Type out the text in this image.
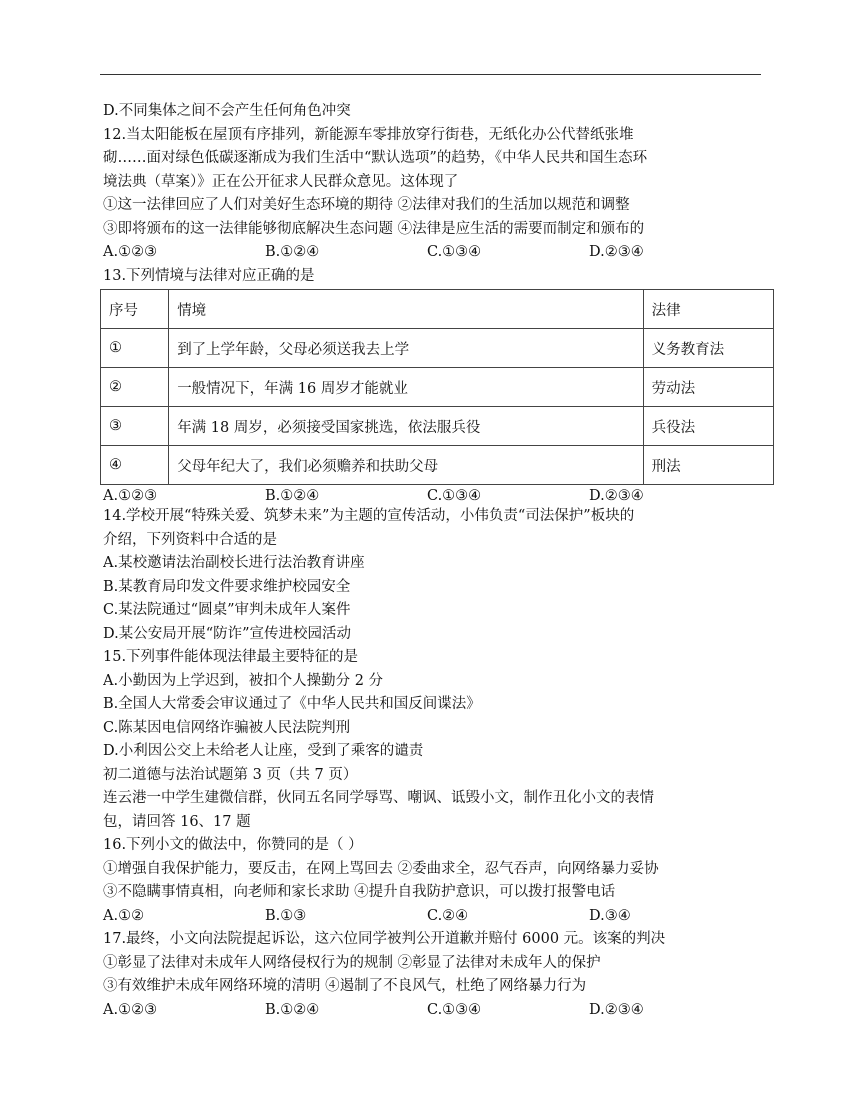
D.不同集体之间不会产生任何角色冲突
12.当太阳能板在屋顶有序排列，新能源车零排放穿行街巷，无纸化办公代替纸张堆
砌……面对绿色低碳逐渐成为我们生活中“默认选项”的趋势，《中华人民共和国生态环
境法典（草案）》正在公开征求人民群众意见。这体现了
①这一法律回应了人们对美好生态环境的期待 ②法律对我们的生活加以规范和调整
③即将颁布的这一法律能够彻底解决生态问题 ④法律是应生活的需要而制定和颁布的
A.①②③	B.①②④	C.①③④	D.②③④
13.下列情境与法律对应正确的是
序号	情境	法律
①	到了上学年龄，父母必须送我去上学	义务教育法
②	一般情况下，年满 16 周岁才能就业	劳动法
③	年满 18 周岁，必须接受国家挑选，依法服兵役	兵役法
④	父母年纪大了，我们必须赡养和扶助父母	刑法
A.①②③	B.①②④	C.①③④	D.②③④
14.学校开展“特殊关爱、筑梦未来”为主题的宣传活动，小伟负责“司法保护”板块的
介绍，下列资料中合适的是
A.某校邀请法治副校长进行法治教育讲座
B.某教育局印发文件要求维护校园安全
C.某法院通过“圆桌”审判未成年人案件
D.某公安局开展“防诈”宣传进校园活动
15.下列事件能体现法律最主要特征的是
A.小勤因为上学迟到，被扣个人操勤分 2 分
B.全国人大常委会审议通过了《中华人民共和国反间谍法》
C.陈某因电信网络诈骗被人民法院判刑
D.小利因公交上未给老人让座，受到了乘客的谴责
初二道德与法治试题第 3 页（共 7 页）
连云港一中学生建微信群，伙同五名同学辱骂、嘲讽、诋毁小文，制作丑化小文的表情
包，请回答 16、17 题
16.下列小文的做法中，你赞同的是（ ）
①增强自我保护能力，要反击，在网上骂回去 ②委曲求全，忍气吞声，向网络暴力妥协
③不隐瞒事情真相，向老师和家长求助 ④提升自我防护意识，可以拨打报警电话
A.①②	B.①③	C.②④	D.③④
17.最终，小文向法院提起诉讼，这六位同学被判公开道歉并赔付 6000 元。该案的判决
①彰显了法律对未成年人网络侵权行为的规制 ②彰显了法律对未成年人的保护
③有效维护未成年网络环境的清明 ④遏制了不良风气，杜绝了网络暴力行为
A.①②③	B.①②④	C.①③④	D.②③④
